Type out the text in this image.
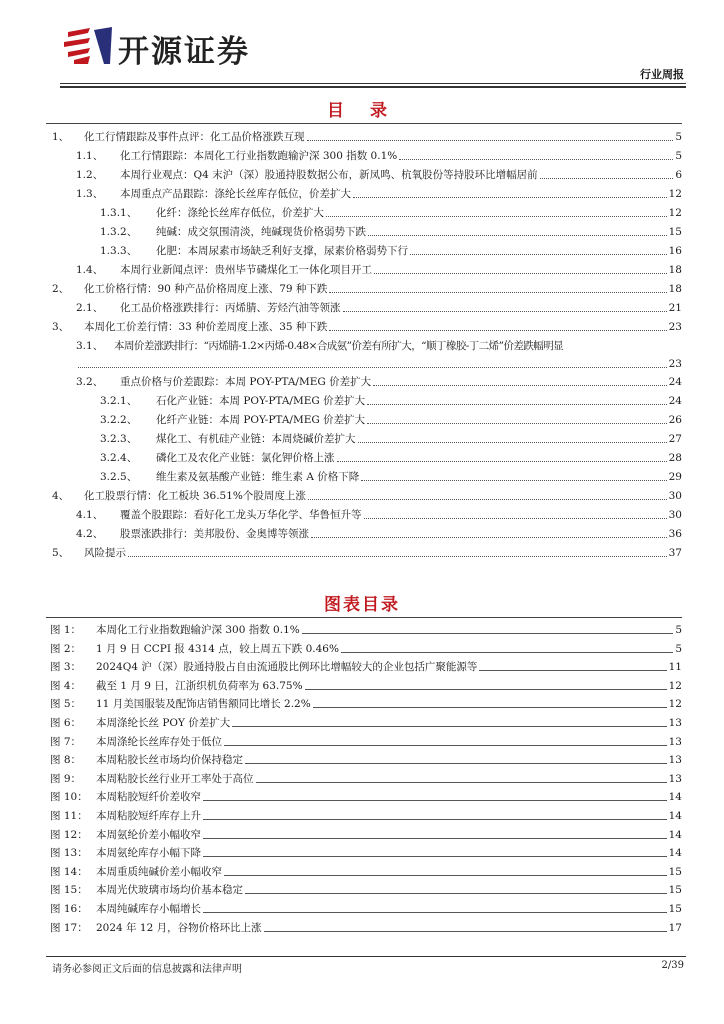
开源证券
行业周报
目 录
1、	化工行情跟踪及事件点评：化工品价格涨跌互现	5
1.1、	化工行情跟踪：本周化工行业指数跑输沪深 300 指数 0.1%	5
1.2、	本周行业观点：Q4 末沪（深）股通持股数据公布，新凤鸣、杭氧股份等持股环比增幅居前	6
1.3、	本周重点产品跟踪：涤纶长丝库存低位，价差扩大	12
1.3.1、	化纤：涤纶长丝库存低位，价差扩大	12
1.3.2、	纯碱：成交氛围清淡，纯碱现货价格弱势下跌	15
1.3.3、	化肥：本周尿素市场缺乏利好支撑，尿素价格弱势下行	16
1.4、	本周行业新闻点评：贵州毕节磷煤化工一体化项目开工	18
2、	化工价格行情：90 种产品价格周度上涨、79 种下跌	18
2.1、	化工品价格涨跌排行：丙烯腈、芳烃汽油等领涨	21
3、	本周化工价差行情：33 种价差周度上涨、35 种下跌	23
3.1、 本周价差涨跌排行：“丙烯腈-1.2×丙烯-0.48×合成氨”价差有所扩大，“顺丁橡胶-丁二烯”价差跌幅明显
23
3.2、	重点价格与价差跟踪：本周 POY-PTA/MEG 价差扩大	24
3.2.1、	石化产业链：本周 POY-PTA/MEG 价差扩大	24
3.2.2、	化纤产业链：本周 POY-PTA/MEG 价差扩大	26
3.2.3、	煤化工、有机硅产业链：本周烧碱价差扩大	27
3.2.4、	磷化工及农化产业链：氯化钾价格上涨	28
3.2.5、	维生素及氨基酸产业链：维生素 A 价格下降	29
4、	化工股票行情：化工板块 36.51%个股周度上涨	30
4.1、	覆盖个股跟踪：看好化工龙头万华化学、华鲁恒升等	30
4.2、	股票涨跌排行：美邦股份、金奥博等领涨	36
5、	风险提示	37
图表目录
图 1：	本周化工行业指数跑输沪深 300 指数 0.1%	5
图 2：	1 月 9 日 CCPI 报 4314 点，较上周五下跌 0.46%	5
图 3：	2024Q4 沪（深）股通持股占自由流通股比例环比增幅较大的企业包括广聚能源等	11
图 4：	截至 1 月 9 日，江浙织机负荷率为 63.75%	12
图 5：	11 月美国服装及配饰店销售额同比增长 2.2%	12
图 6：	本周涤纶长丝 POY 价差扩大	13
图 7：	本周涤纶长丝库存处于低位	13
图 8：	本周粘胶长丝市场均价保持稳定	13
图 9：	本周粘胶长丝行业开工率处于高位	13
图 10： 本周粘胶短纤价差收窄	14
图 11： 本周粘胶短纤库存上升	14
图 12： 本周氨纶价差小幅收窄	14
图 13： 本周氨纶库存小幅下降	14
图 14： 本周重质纯碱价差小幅收窄	15
图 15： 本周光伏玻璃市场均价基本稳定	15
图 16： 本周纯碱库存小幅增长	15
图 17： 2024 年 12 月，谷物价格环比上涨	17
请务必参阅正文后面的信息披露和法律声明	2/39
